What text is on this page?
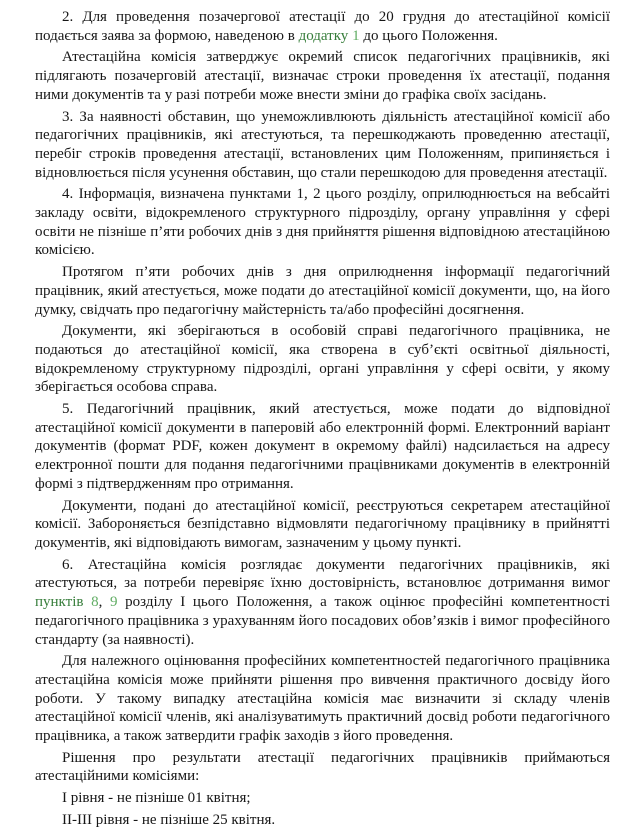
2. Для проведення позачергової атестації до 20 грудня до атестаційної комісії подається заява за формою, наведеною в додатку 1 до цього Положення.

Атестаційна комісія затверджує окремий список педагогічних працівників, які підлягають позачерговій атестації, визначає строки проведення їх атестації, подання ними документів та у разі потреби може внести зміни до графіка своїх засідань.

3. За наявності обставин, що унеможливлюють діяльність атестаційної комісії або педагогічних працівників, які атестуються, та перешкоджають проведенню атестації, перебіг строків проведення атестації, встановлених цим Положенням, припиняється і відновлюється після усунення обставин, що стали перешкодою для проведення атестації.

4. Інформація, визначена пунктами 1, 2 цього розділу, оприлюднюється на вебсайті закладу освіти, відокремленого структурного підрозділу, органу управління у сфері освіти не пізніше п’яти робочих днів з дня прийняття рішення відповідною атестаційною комісією.

Протягом п’яти робочих днів з дня оприлюднення інформації педагогічний працівник, який атестується, може подати до атестаційної комісії документи, що, на його думку, свідчать про педагогічну майстерність та/або професійні досягнення.

Документи, які зберігаються в особовій справі педагогічного працівника, не подаються до атестаційної комісії, яка створена в суб’єкті освітньої діяльності, відокремленому структурному підрозділі, органі управління у сфері освіти, у якому зберігається особова справа.

5. Педагогічний працівник, який атестується, може подати до відповідної атестаційної комісії документи в паперовій або електронній формі. Електронний варіант документів (формат PDF, кожен документ в окремому файлі) надсилається на адресу електронної пошти для подання педагогічними працівниками документів в електронній формі з підтвердженням про отримання.

Документи, подані до атестаційної комісії, реєструються секретарем атестаційної комісії. Забороняється безпідставно відмовляти педагогічному працівнику в прийнятті документів, які відповідають вимогам, зазначеним у цьому пункті.

6. Атестаційна комісія розглядає документи педагогічних працівників, які атестуються, за потреби перевіряє їхню достовірність, встановлює дотримання вимог пунктів 8, 9 розділу І цього Положення, а також оцінює професійні компетентності педагогічного працівника з урахуванням його посадових обов’язків і вимог професійного стандарту (за наявності).

Для належного оцінювання професійних компетентностей педагогічного працівника атестаційна комісія може прийняти рішення про вивчення практичного досвіду його роботи. У такому випадку атестаційна комісія має визначити зі складу членів атестаційної комісії членів, які аналізуватимуть практичний досвід роботи педагогічного працівника, а також затвердити графік заходів з його проведення.

Рішення про результати атестації педагогічних працівників приймаються атестаційними комісіями:

І рівня - не пізніше 01 квітня;

ІІ-ІІІ рівня - не пізніше 25 квітня.
